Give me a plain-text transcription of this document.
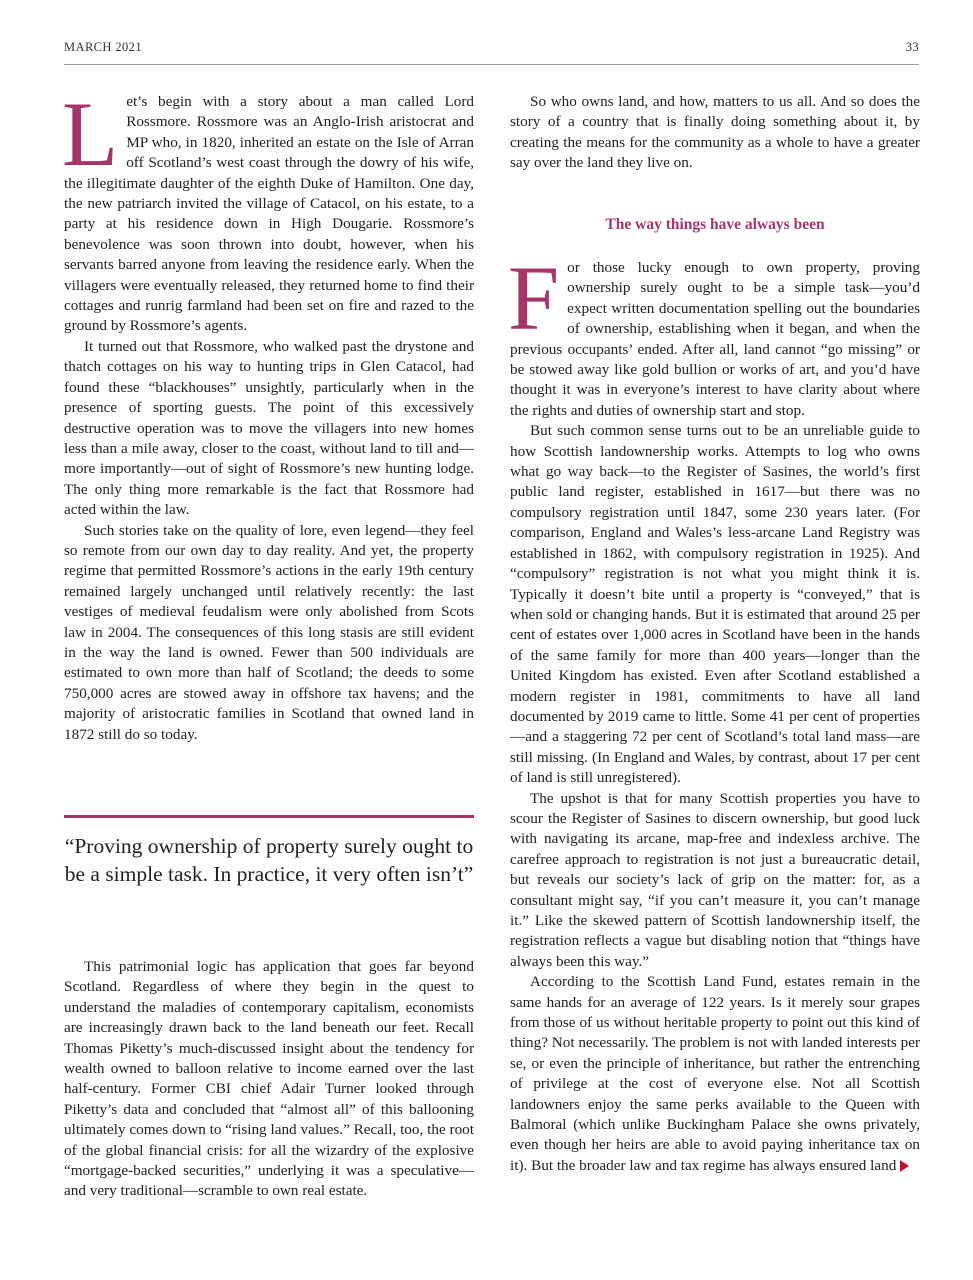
MARCH 2021	33

Let’s begin with a story about a man called Lord Rossmore. Rossmore was an Anglo-Irish aristocrat and MP who, in 1820, inherited an estate on the Isle of Arran off Scotland’s west coast through the dowry of his wife, the illegitimate daughter of the eighth Duke of Hamilton. One day, the new patriarch invited the village of Catacol, on his estate, to a party at his residence down in High Dougarie. Rossmore’s benevolence was soon thrown into doubt, however, when his servants barred anyone from leaving the residence early. When the villagers were eventually released, they returned home to find their cottages and runrig farmland had been set on fire and razed to the ground by Rossmore’s agents.

It turned out that Rossmore, who walked past the drystone and thatch cottages on his way to hunting trips in Glen Catacol, had found these “blackhouses” unsightly, particularly when in the presence of sporting guests. The point of this excessively destructive operation was to move the villagers into new homes less than a mile away, closer to the coast, without land to till and—more importantly—out of sight of Rossmore’s new hunting lodge. The only thing more remarkable is the fact that Rossmore had acted within the law.

Such stories take on the quality of lore, even legend—they feel so remote from our own day to day reality. And yet, the property regime that permitted Rossmore’s actions in the early 19th century remained largely unchanged until relatively recently: the last vestiges of medieval feudalism were only abolished from Scots law in 2004. The consequences of this long stasis are still evident in the way the land is owned. Fewer than 500 individuals are estimated to own more than half of Scotland; the deeds to some 750,000 acres are stowed away in offshore tax havens; and the majority of aristocratic families in Scotland that owned land in 1872 still do so today.

“Proving ownership of property surely ought to be a simple task. In practice, it very often isn’t”

This patrimonial logic has application that goes far beyond Scotland. Regardless of where they begin in the quest to understand the maladies of contemporary capitalism, economists are increasingly drawn back to the land beneath our feet. Recall Thomas Piketty’s much-discussed insight about the tendency for wealth owned to balloon relative to income earned over the last half-century. Former CBI chief Adair Turner looked through Piketty’s data and concluded that “almost all” of this ballooning ultimately comes down to “rising land values.” Recall, too, the root of the global financial crisis: for all the wizardry of the explosive “mortgage-backed securities,” underlying it was a speculative—and very traditional—scramble to own real estate.

So who owns land, and how, matters to us all. And so does the story of a country that is finally doing something about it, by creating the means for the community as a whole to have a greater say over the land they live on.

The way things have always been

For those lucky enough to own property, proving ownership surely ought to be a simple task—you’d expect written documentation spelling out the boundaries of ownership, establishing when it began, and when the previous occupants’ ended. After all, land cannot “go missing” or be stowed away like gold bullion or works of art, and you’d have thought it was in everyone’s interest to have clarity about where the rights and duties of ownership start and stop.

But such common sense turns out to be an unreliable guide to how Scottish landownership works. Attempts to log who owns what go way back—to the Register of Sasines, the world’s first public land register, established in 1617—but there was no compulsory registration until 1847, some 230 years later. (For comparison, England and Wales’s less-arcane Land Registry was established in 1862, with compulsory registration in 1925). And “compulsory” registration is not what you might think it is. Typically it doesn’t bite until a property is “conveyed,” that is when sold or changing hands. But it is estimated that around 25 per cent of estates over 1,000 acres in Scotland have been in the hands of the same family for more than 400 years—longer than the United Kingdom has existed. Even after Scotland established a modern register in 1981, commitments to have all land documented by 2019 came to little. Some 41 per cent of properties—and a staggering 72 per cent of Scotland’s total land mass—are still missing. (In England and Wales, by contrast, about 17 per cent of land is still unregistered).

The upshot is that for many Scottish properties you have to scour the Register of Sasines to discern ownership, but good luck with navigating its arcane, map-free and indexless archive. The carefree approach to registration is not just a bureaucratic detail, but reveals our society’s lack of grip on the matter: for, as a consultant might say, “if you can’t measure it, you can’t manage it.” Like the skewed pattern of Scottish landownership itself, the registration reflects a vague but disabling notion that “things have always been this way.”

According to the Scottish Land Fund, estates remain in the same hands for an average of 122 years. Is it merely sour grapes from those of us without heritable property to point out this kind of thing? Not necessarily. The problem is not with landed interests per se, or even the principle of inheritance, but rather the entrenching of privilege at the cost of everyone else. Not all Scottish landowners enjoy the same perks available to the Queen with Balmoral (which unlike Buckingham Palace she owns privately, even though her heirs are able to avoid paying inheritance tax on it). But the broader law and tax regime has always ensured land
